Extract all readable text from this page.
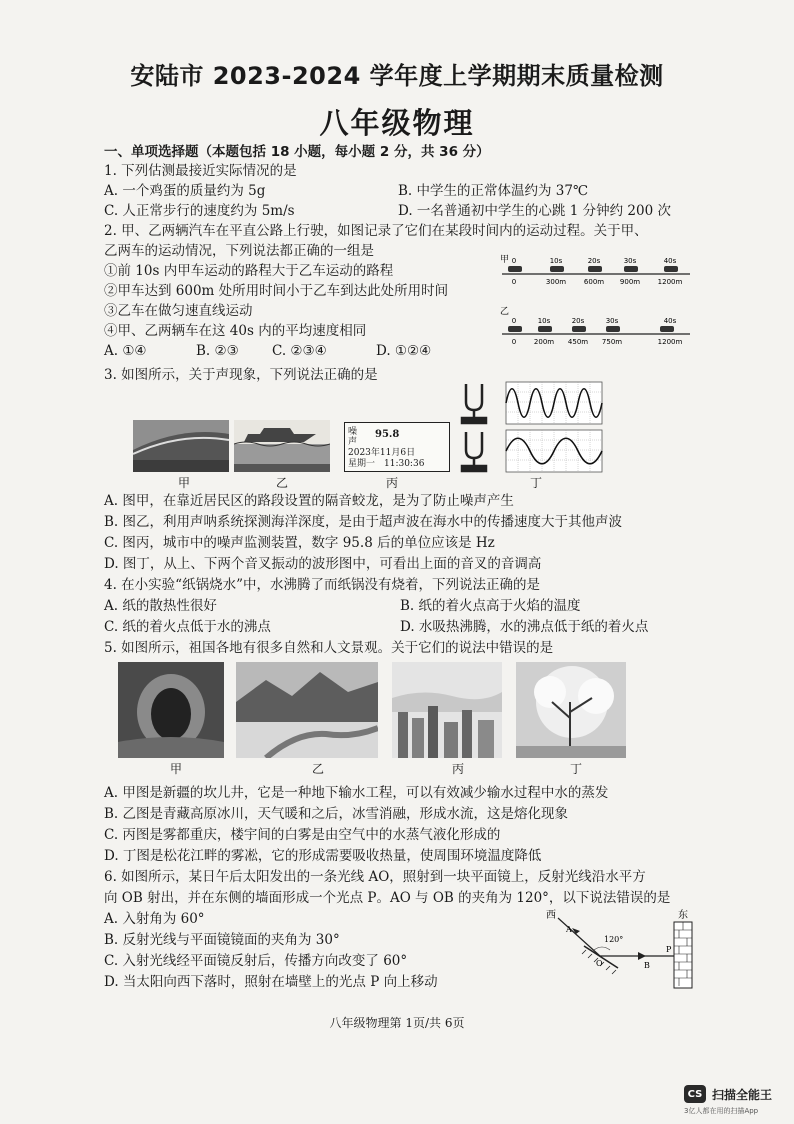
安陆市 2023-2024 学年度上学期期末质量检测
八年级物理
一、单项选择题（本题包括 18 小题，每小题 2 分，共 36 分）
1. 下列估测最接近实际情况的是
A. 一个鸡蛋的质量约为 5g	B. 中学生的正常体温约为 37℃
C. 人正常步行的速度约为 5m/s	D. 一名普通初中学生的心跳 1 分钟约 200 次
2. 甲、乙两辆汽车在平直公路上行驶，如图记录了它们在某段时间内的运动过程。关于甲、
乙两车的运动情况，下列说法都正确的一组是
①前 10s 内甲车运动的路程大于乙车运动的路程
②甲车达到 600m 处所用时间小于乙车到达此处所用时间
③乙车在做匀速直线运动
④甲、乙两辆车在这 40s 内的平均速度相同
A. ①④	B. ②③ C. ②③④	D. ①②④
甲 0	10s	20s	30s	40s
0	300m	600m 900m	1200m
乙
0	10s	20s	30s	40s
0	200m 450m 750m	1200m
3. 如图所示，关于声现象，下列说法正确的是
噪
声
95.8
2023年11月6日
星期一　11:30:36
甲	乙	丙	丁
A. 图甲，在靠近居民区的路段设置的隔音蛟龙，是为了防止噪声产生
B. 图乙，利用声呐系统探测海洋深度，是由于超声波在海水中的传播速度大于其他声波
C. 图丙，城市中的噪声监测装置，数字 95.8 后的单位应该是 Hz
D. 图丁，从上、下两个音叉振动的波形图中，可看出上面的音叉的音调高
4. 在小实验“纸锅烧水”中，水沸腾了而纸锅没有烧着，下列说法正确的是
A. 纸的散热性很好	B. 纸的着火点高于火焰的温度
C. 纸的着火点低于水的沸点	D. 水吸热沸腾，水的沸点低于纸的着火点
5. 如图所示，祖国各地有很多自然和人文景观。关于它们的说法中错误的是
甲	乙	丙	丁
A. 甲图是新疆的坎儿井，它是一种地下输水工程，可以有效减少输水过程中水的蒸发
B. 乙图是青藏高原冰川，天气暖和之后，冰雪消融，形成水流，这是熔化现象
C. 丙图是雾都重庆，楼宇间的白雾是由空气中的水蒸气液化形成的
D. 丁图是松花江畔的雾凇，它的形成需要吸收热量，使周围环境温度降低
6. 如图所示，某日午后太阳发出的一条光线 AO，照射到一块平面镜上，反射光线沿水平方
向 OB 射出，并在东侧的墙面形成一个光点 P。AO 与 OB 的夹角为 120°，以下说法错误的是
A. 入射角为 60°
B. 反射光线与平面镜镜面的夹角为 30°
C. 入射光线经平面镜反射后，传播方向改变了 60°
D. 当太阳向西下落时，照射在墙壁上的光点 P 向上移动
西	东
120°
A
O
P
B
八年级物理第 1页/共 6页
CS 扫描全能王
3亿人都在用的扫描App
